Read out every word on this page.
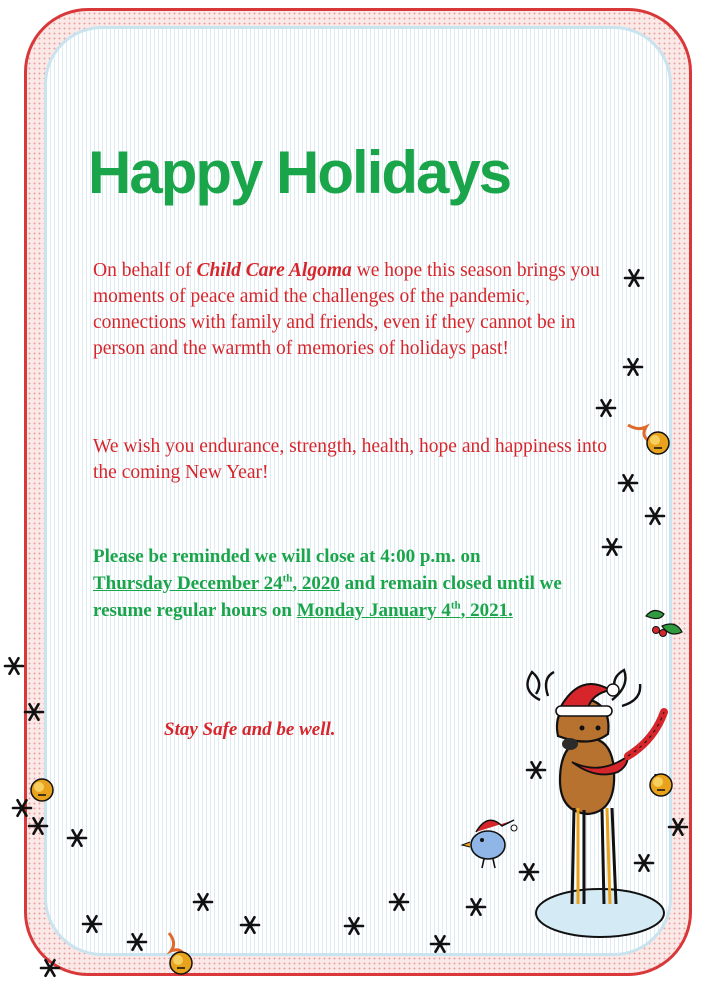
Happy Holidays

On behalf of Child Care Algoma we hope this season brings you moments of peace amid the challenges of the pandemic, connections with family and friends, even if they cannot be in person and the warmth of memories of holidays past!

We wish you endurance, strength, health, hope and happiness into the coming New Year!

Please be reminded we will close at 4:00 p.m. on Thursday December 24th, 2020 and remain closed until we resume regular hours on Monday January 4th, 2021.

Stay Safe and be well.
